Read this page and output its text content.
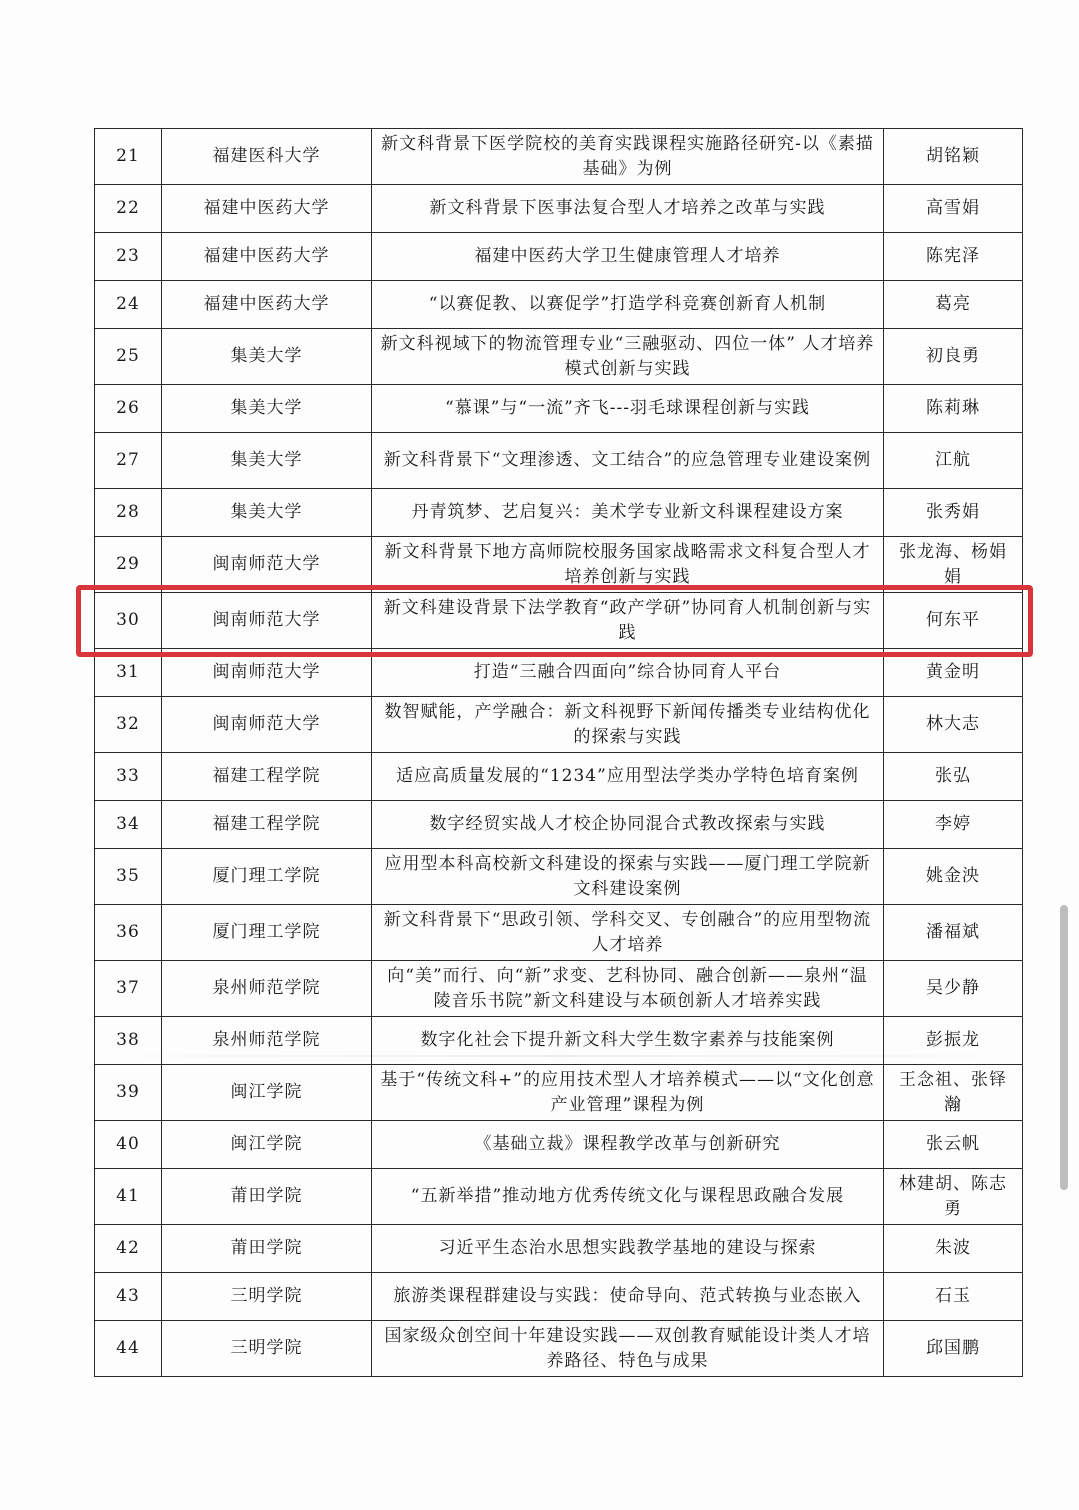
21	福建医科大学	新文科背景下医学院校的美育实践课程实施路径研究-以《素描基础》为例	胡铭颖
22	福建中医药大学	新文科背景下医事法复合型人才培养之改革与实践	高雪娟
23	福建中医药大学	福建中医药大学卫生健康管理人才培养	陈宪泽
24	福建中医药大学	“以赛促教、以赛促学”打造学科竞赛创新育人机制	葛亮
25	集美大学	新文科视域下的物流管理专业“三融驱动、四位一体” 人才培养模式创新与实践	初良勇
26	集美大学	“慕课”与“一流”齐飞---羽毛球课程创新与实践	陈莉琳
27	集美大学	新文科背景下“文理渗透、文工结合”的应急管理专业建设案例	江航
28	集美大学	丹青筑梦、艺启复兴：美术学专业新文科课程建设方案	张秀娟
29	闽南师范大学	新文科背景下地方高师院校服务国家战略需求文科复合型人才培养创新与实践	张龙海、杨娟娟
30	闽南师范大学	新文科建设背景下法学教育“政产学研”协同育人机制创新与实践	何东平
31	闽南师范大学	打造“三融合四面向”综合协同育人平台	黄金明
32	闽南师范大学	数智赋能，产学融合：新文科视野下新闻传播类专业结构优化的探索与实践	林大志
33	福建工程学院	适应高质量发展的“1234”应用型法学类办学特色培育案例	张弘
34	福建工程学院	数字经贸实战人才校企协同混合式教改探索与实践	李婷
35	厦门理工学院	应用型本科高校新文科建设的探索与实践——厦门理工学院新文科建设案例	姚金泱
36	厦门理工学院	新文科背景下“思政引领、学科交叉、专创融合”的应用型物流人才培养	潘福斌
37	泉州师范学院	向“美”而行、向“新”求变、艺科协同、融合创新——泉州“温陵音乐书院”新文科建设与本硕创新人才培养实践	吴少静
38	泉州师范学院	数字化社会下提升新文科大学生数字素养与技能案例	彭振龙
39	闽江学院	基于“传统文科+”的应用技术型人才培养模式——以“文化创意产业管理”课程为例	王念祖、张铎瀚
40	闽江学院	《基础立裁》课程教学改革与创新研究	张云帆
41	莆田学院	“五新举措”推动地方优秀传统文化与课程思政融合发展	林建胡、陈志勇
42	莆田学院	习近平生态治水思想实践教学基地的建设与探索	朱波
43	三明学院	旅游类课程群建设与实践：使命导向、范式转换与业态嵌入	石玉
44	三明学院	国家级众创空间十年建设实践——双创教育赋能设计类人才培养路径、特色与成果	邱国鹏
